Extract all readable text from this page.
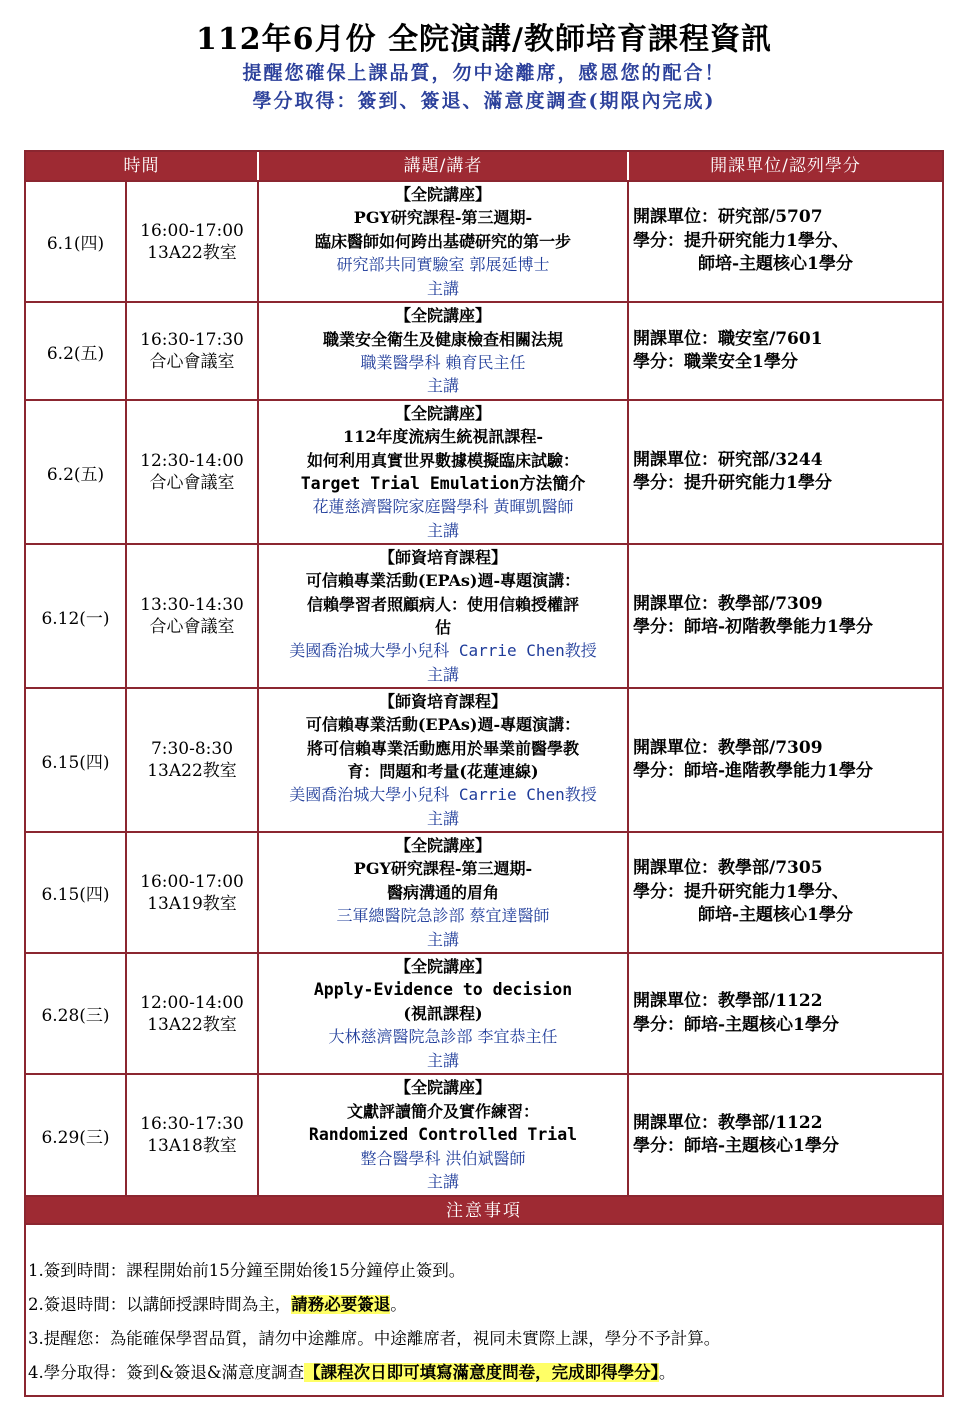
112年6月份 全院演講/教師培育課程資訊
提醒您確保上課品質，勿中途離席，感恩您的配合！
學分取得：簽到、簽退、滿意度調查(期限內完成)
時間	講題/講者	開課單位/認列學分
6.1(四)
16:00-17:00
13A22教室
【全院講座】
PGY研究課程-第三週期-
臨床醫師如何跨出基礎研究的第一步
研究部共同實驗室 郭展延博士
主講
開課單位：研究部/5707
學分：提升研究能力1學分、
師培-主題核心1學分
6.2(五)
16:30-17:30
合心會議室
【全院講座】
職業安全衛生及健康檢查相關法規
職業醫學科 賴育民主任
主講
開課單位：職安室/7601
學分：職業安全1學分
6.2(五)
12:30-14:00
合心會議室
【全院講座】
112年度流病生統視訊課程-
如何利用真實世界數據模擬臨床試驗：
Target Trial Emulation方法簡介
花蓮慈濟醫院家庭醫學科 黃暉凱醫師
主講
開課單位：研究部/3244
學分：提升研究能力1學分
6.12(一)
13:30-14:30
合心會議室
【師資培育課程】
可信賴專業活動(EPAs)週-專題演講：
信賴學習者照顧病人：使用信賴授權評
估
美國喬治城大學小兒科 Carrie Chen教授
主講
開課單位：教學部/7309
學分：師培-初階教學能力1學分
6.15(四)
7:30-8:30
13A22教室
【師資培育課程】
可信賴專業活動(EPAs)週-專題演講：
將可信賴專業活動應用於畢業前醫學教
育：問題和考量(花蓮連線)
美國喬治城大學小兒科 Carrie Chen教授
主講
開課單位：教學部/7309
學分：師培-進階教學能力1學分
6.15(四)
16:00-17:00
13A19教室
【全院講座】
PGY研究課程-第三週期-
醫病溝通的眉角
三軍總醫院急診部 蔡宜達醫師
主講
開課單位：教學部/7305
學分：提升研究能力1學分、
師培-主題核心1學分
6.28(三)
12:00-14:00
13A22教室
【全院講座】
Apply-Evidence to decision
(視訊課程)
大林慈濟醫院急診部 李宜恭主任
主講
開課單位：教學部/1122
學分：師培-主題核心1學分
6.29(三)
16:30-17:30
13A18教室
【全院講座】
文獻評讀簡介及實作練習：
Randomized Controlled Trial
整合醫學科 洪伯斌醫師
主講
開課單位：教學部/1122
學分：師培-主題核心1學分
注意事項
1.簽到時間：課程開始前15分鐘至開始後15分鐘停止簽到。
2.簽退時間：以講師授課時間為主，請務必要簽退。
3.提醒您：為能確保學習品質，請勿中途離席。中途離席者，視同未實際上課，學分不予計算。
4.學分取得：簽到&簽退&滿意度調查【課程次日即可填寫滿意度問卷，完成即得學分】。
